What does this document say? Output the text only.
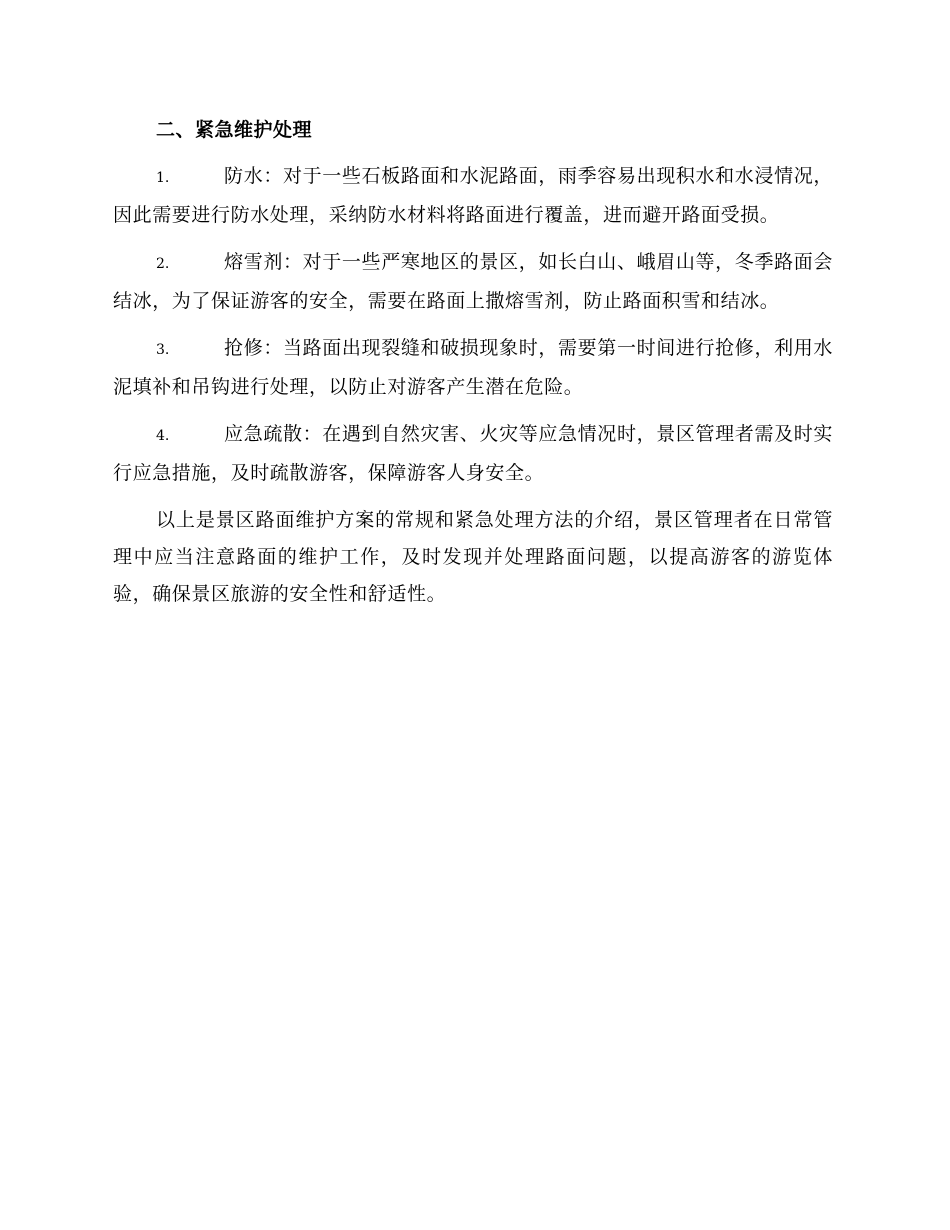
二、紧急维护处理

1.	防水：对于一些石板路面和水泥路面，雨季容易出现积水和水浸情况，因此需要进行防水处理，采纳防水材料将路面进行覆盖，进而避开路面受损。

2.	熔雪剂：对于一些严寒地区的景区，如长白山、峨眉山等，冬季路面会结冰，为了保证游客的安全，需要在路面上撒熔雪剂，防止路面积雪和结冰。

3.	抢修：当路面出现裂缝和破损现象时，需要第一时间进行抢修，利用水泥填补和吊钩进行处理，以防止对游客产生潜在危险。

4.	应急疏散：在遇到自然灾害、火灾等应急情况时，景区管理者需及时实行应急措施，及时疏散游客，保障游客人身安全。

以上是景区路面维护方案的常规和紧急处理方法的介绍，景区管理者在日常管理中应当注意路面的维护工作，及时发现并处理路面问题，以提高游客的游览体验，确保景区旅游的安全性和舒适性。
